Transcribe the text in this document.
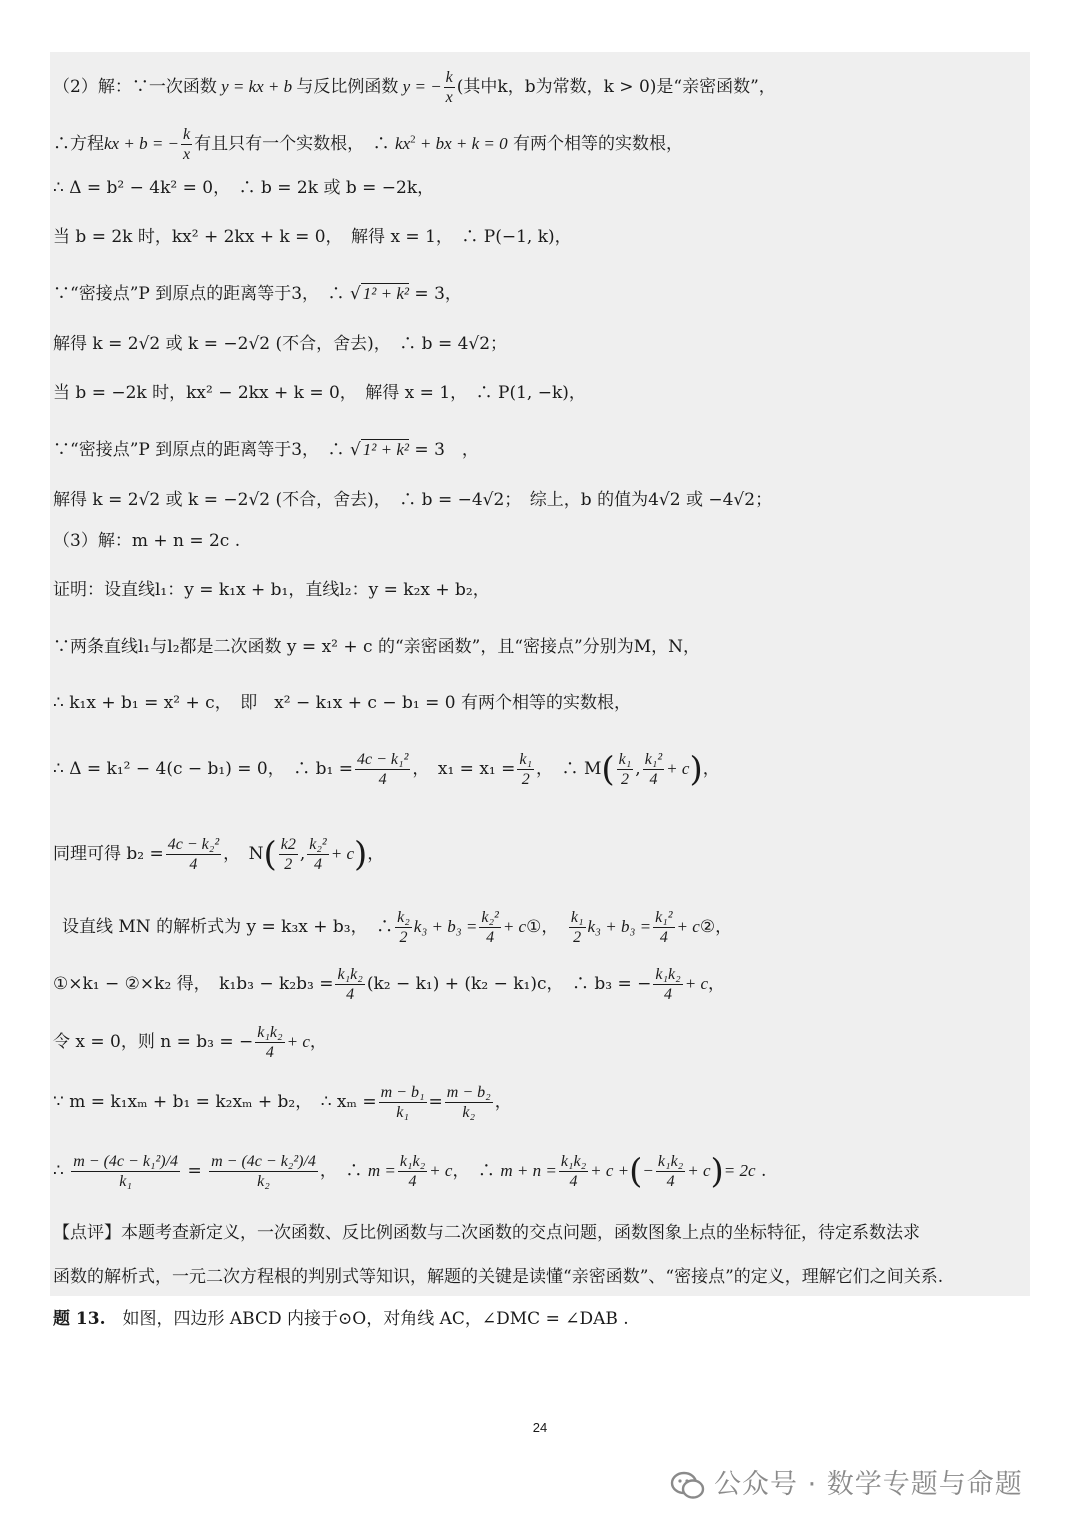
（2）解：∵一次函数 y = kx + b 与反比例函数 y = − $\frac{k}{x}$ (其中k，b为常数，k > 0)是“亲密函数”，
∴方程kx + b = − $\frac{k}{x}$ 有且只有一个实数根，　∴ $kx^2$ + bx + k = 0 有两个相等的实数根，
∴ Δ = b² − 4k² = 0，　∴ b = 2k 或 b = −2k，
当 b = 2k 时，kx² + 2kx + k = 0，　解得 x = 1，　∴ P(−1, k)，
∵“密接点”P 到原点的距离等于3，　∴ √ 1² + k² = 3，
解得 k = 2√2 或 k = −2√2 (不合，舍去)，　∴ b = 4√2；
当 b = −2k 时，kx² − 2kx + k = 0，　解得 x = 1，　∴ P(1, −k)，
∵“密接点”P 到原点的距离等于3，　∴ √ 1² + k² = 3　，
解得 k = 2√2 或 k = −2√2 (不合，舍去)，　∴ b = −4√2；　综上，b 的值为4√2 或 −4√2；
（3）解：m + n = 2c .
证明：设直线l₁：y = k₁x + b₁，直线l₂：y = k₂x + b₂，
∵两条直线l₁与l₂都是二次函数 y = x² + c 的“亲密函数”，且“密接点”分别为M，N，
∴ k₁x + b₁ = x² + c，　即　x² − k₁x + c − b₁ = 0 有两个相等的实数根，
∴ Δ = k₁² − 4(c − b₁) = 0，　∴ $b_1 = \frac{\text{4c − k₁²}}{4}$ ，　$x_1 = x_1 = \frac{\text{k₁}}{2}$ ，　∴ $M( \frac{\text{k₁}}{2}$ , $\frac{\text{k₁²}}{4} + c$)，
同理可得 $b_2 = \frac{\text{4c − k₂²}}{4}$ ，　$N( \frac{k2}{2}$ , $\frac{\text{k₂²}}{4} + c$)，
设直线 MN 的解析式为 y = k₃x + b₃，　∴ $\frac{\text{k₂}}{2} k_3 + b_3 = \frac{\text{k₂²}}{4}$ + c①，　 $\frac{\text{k₁}}{2} k_3 + b_3 = \frac{\text{k₁²}}{4}$ + c②，
①×k₁ − ②×k₂ 得，　$k_1b_3 - k_2b_3 = \frac{\text{k₁k₂}}{4} (k_2 - k_1) + (k_2 - k_1)c$，　∴ b₃ = − $\frac{\text{k₁k₂}}{4} + c$，
令 x = 0，则 n = b₃ = − $\frac{\text{k₁k₂}}{4} + c$，
∵ m = k₁xₘ + b₁ = k₂xₘ + b₂，　∴ $x_m = \frac{\text{m − b₁}}{\text{k₁}} = \frac{\text{m − b₂}}{\text{k₂}}$ ，
∴ $\frac{\text{m − (4c − k₁²)/4}}{\text{k₁}} = \frac{\text{m − (4c − k₂²)/4}}{\text{k₂}}$ ，　∴ $m = \frac{\text{k₁k₂}}{4} + c$，　∴ $m + n = \frac{\text{k₁k₂}}{4} + c$ +(− $\frac{\text{k₁k₂}}{4} + c)= 2c$ .
【点评】本题考查新定义，一次函数、反比例函数与二次函数的交点问题，函数图象上点的坐标特征，待定系数法求
函数的解析式，一元二次方程根的判别式等知识，解题的关键是读懂“亲密函数”、“密接点”的定义，理解它们之间关系.
题 13.　 如图，四边形 ABCD 内接于⊙O，对角线 AC，∠DMC = ∠DAB .
24
公众号 · 数学专题与命题
